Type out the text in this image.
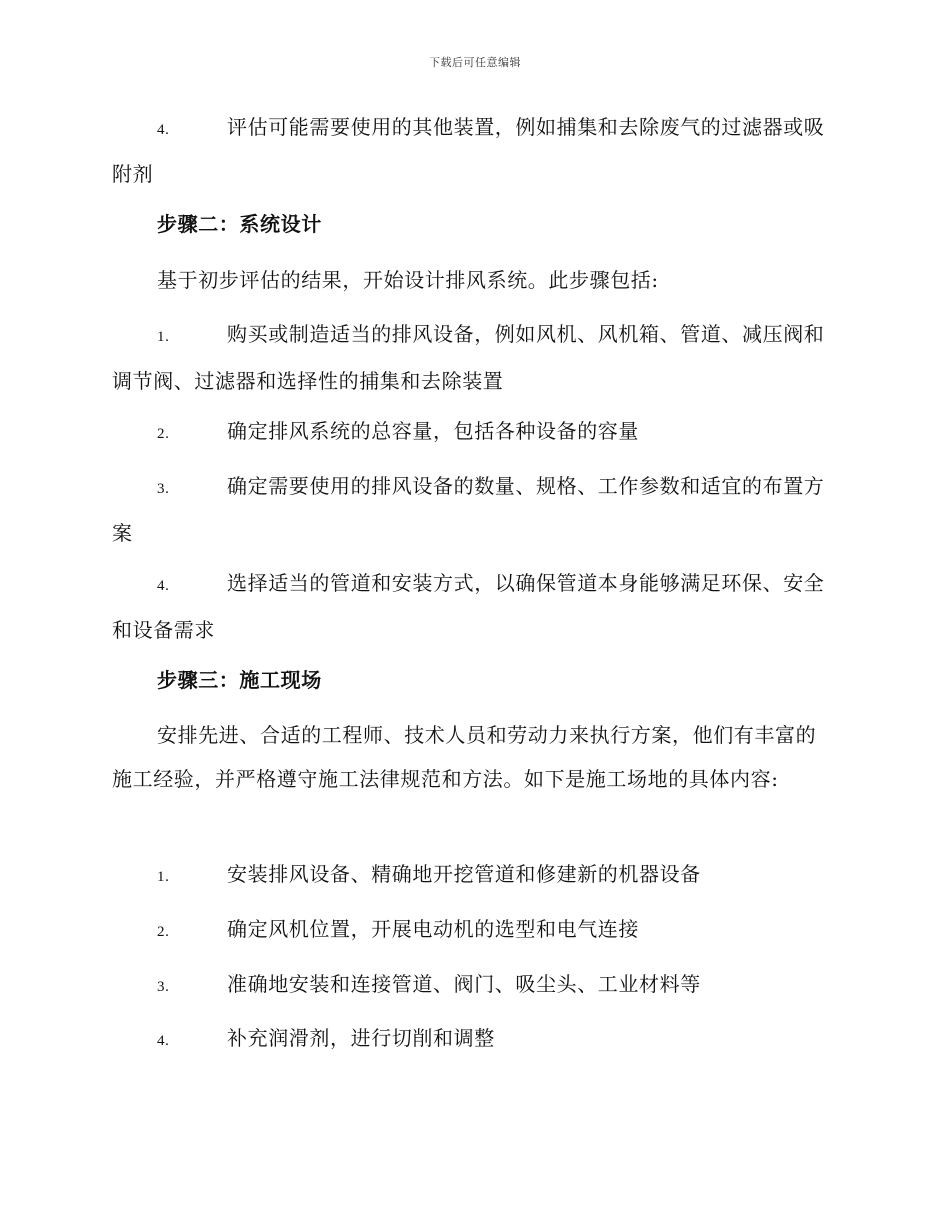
下载后可任意编辑
4.	评估可能需要使用的其他装置，例如捕集和去除废气的过滤器或吸附剂
步骤二：系统设计
基于初步评估的结果，开始设计排风系统。此步骤包括:
1.	购买或制造适当的排风设备，例如风机、风机箱、管道、减压阀和调节阀、过滤器和选择性的捕集和去除装置
2.	确定排风系统的总容量，包括各种设备的容量
3.	确定需要使用的排风设备的数量、规格、工作参数和适宜的布置方案
4.	选择适当的管道和安装方式，以确保管道本身能够满足环保、安全和设备需求
步骤三：施工现场
安排先进、合适的工程师、技术人员和劳动力来执行方案，他们有丰富的施工经验，并严格遵守施工法律规范和方法。如下是施工场地的具体内容:
1.	安装排风设备、精确地开挖管道和修建新的机器设备
2.	确定风机位置，开展电动机的选型和电气连接
3.	准确地安装和连接管道、阀门、吸尘头、工业材料等
4.	补充润滑剂，进行切削和调整
